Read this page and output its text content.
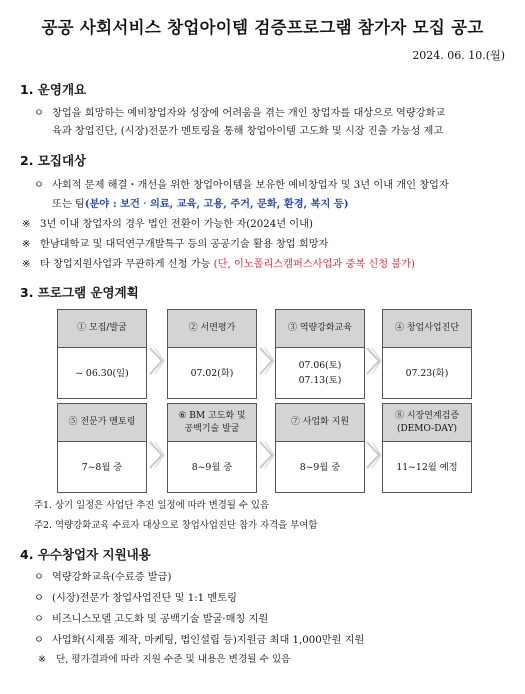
공공 사회서비스 창업아이템 검증프로그램 참가자 모집 공고
2024. 06. 10.(월)
1. 운영개요
ㅇ 창업을 희망하는 예비창업자와 성장에 어려움을 겪는 개인 창업자를 대상으로 역량강화교
육과 창업진단, (시장)전문가 멘토링을 통해 창업아이템 고도화 및 시장 진출 가능성 제고
2. 모집대상
ㅇ 사회적 문제 해결・개선을 위한 창업아이템을 보유한 예비창업자 및 3년 이내 개인 창업자
또는 팀(분야 : 보건‧의료, 교육, 고용, 주거, 문화, 환경, 복지 등)
※ 3년 이내 창업자의 경우 법인 전환이 가능한 자(2024년 이내)
※ 한남대학교 및 대덕연구개발특구 등의 공공기술 활용 창업 희망자
※ 타 창업지원사업과 무관하게 신청 가능 (단, 이노폴리스캠퍼스사업과 중복 신청 불가)
3. 프로그램 운영계획
① 모집/발굴
~ 06.30(일)
② 서면평가
07.02(화)
③ 역량강화교육
07.06(토)
07.13(토)
④ 창업사업진단
07.23(화)
⑤ 전문가 멘토링
7~8월 중
⑥ BM 고도화 및
공백기술 발굴
8~9월 중
⑦ 사업화 지원
8~9월 중
⑧ 시장연계검증
(DEMO-DAY)
11~12월 예정
주1. 상기 일정은 사업단 추진 일정에 따라 변경될 수 있음
주2. 역량강화교육 수료자 대상으로 창업사업진단 참가 자격을 부여함
4. 우수창업자 지원내용
ㅇ 역량강화교육(수료증 발급)
ㅇ (시장)전문가 창업사업진단 및 1:1 멘토링
ㅇ 비즈니스모델 고도화 및 공백기술 발굴·매칭 지원
ㅇ 사업화(시제품 제작, 마케팅, 법인설립 등)지원금 최대 1,000만원 지원
※ 단, 평가결과에 따라 지원 수준 및 내용은 변경될 수 있음
